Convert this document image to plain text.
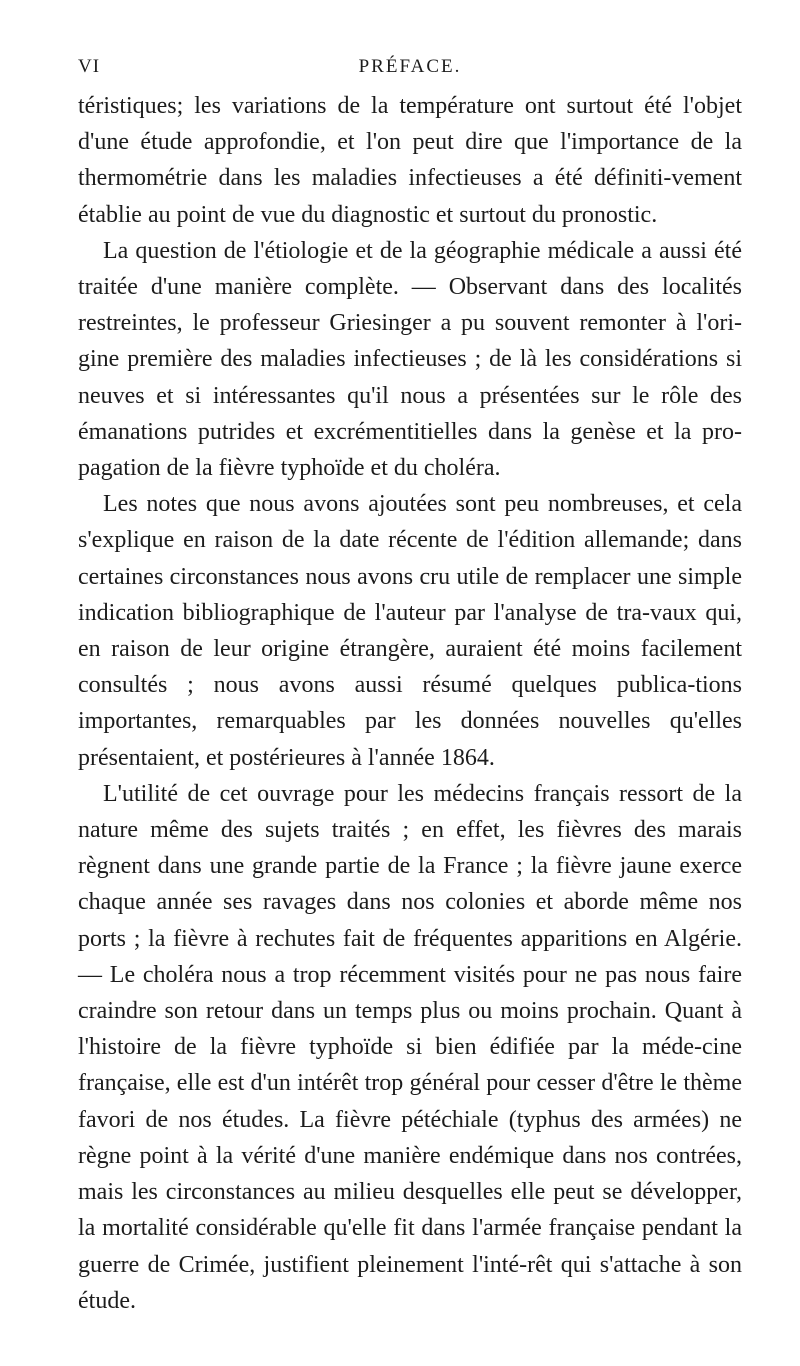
VI	PRÉFACE.

téristiques; les variations de la température ont surtout été l'objet d'une étude approfondie, et l'on peut dire que l'importance de la thermométrie dans les maladies infectieuses a été définiti-vement établie au point de vue du diagnostic et surtout du pronostic.

La question de l'étiologie et de la géographie médicale a aussi été traitée d'une manière complète. — Observant dans des localités restreintes, le professeur Griesinger a pu souvent remonter à l'ori-gine première des maladies infectieuses ; de là les considérations si neuves et si intéressantes qu'il nous a présentées sur le rôle des émanations putrides et excrémentitielles dans la genèse et la pro-pagation de la fièvre typhoïde et du choléra.

Les notes que nous avons ajoutées sont peu nombreuses, et cela s'explique en raison de la date récente de l'édition allemande; dans certaines circonstances nous avons cru utile de remplacer une simple indication bibliographique de l'auteur par l'analyse de tra-vaux qui, en raison de leur origine étrangère, auraient été moins facilement consultés ; nous avons aussi résumé quelques publica-tions importantes, remarquables par les données nouvelles qu'elles présentaient, et postérieures à l'année 1864.

L'utilité de cet ouvrage pour les médecins français ressort de la nature même des sujets traités ; en effet, les fièvres des marais règnent dans une grande partie de la France ; la fièvre jaune exerce chaque année ses ravages dans nos colonies et aborde même nos ports ; la fièvre à rechutes fait de fréquentes apparitions en Algérie. — Le choléra nous a trop récemment visités pour ne pas nous faire craindre son retour dans un temps plus ou moins prochain. Quant à l'histoire de la fièvre typhoïde si bien édifiée par la méde-cine française, elle est d'un intérêt trop général pour cesser d'être le thème favori de nos études. La fièvre pétéchiale (typhus des armées) ne règne point à la vérité d'une manière endémique dans nos contrées, mais les circonstances au milieu desquelles elle peut se développer, la mortalité considérable qu'elle fit dans l'armée française pendant la guerre de Crimée, justifient pleinement l'inté-rêt qui s'attache à son étude.
